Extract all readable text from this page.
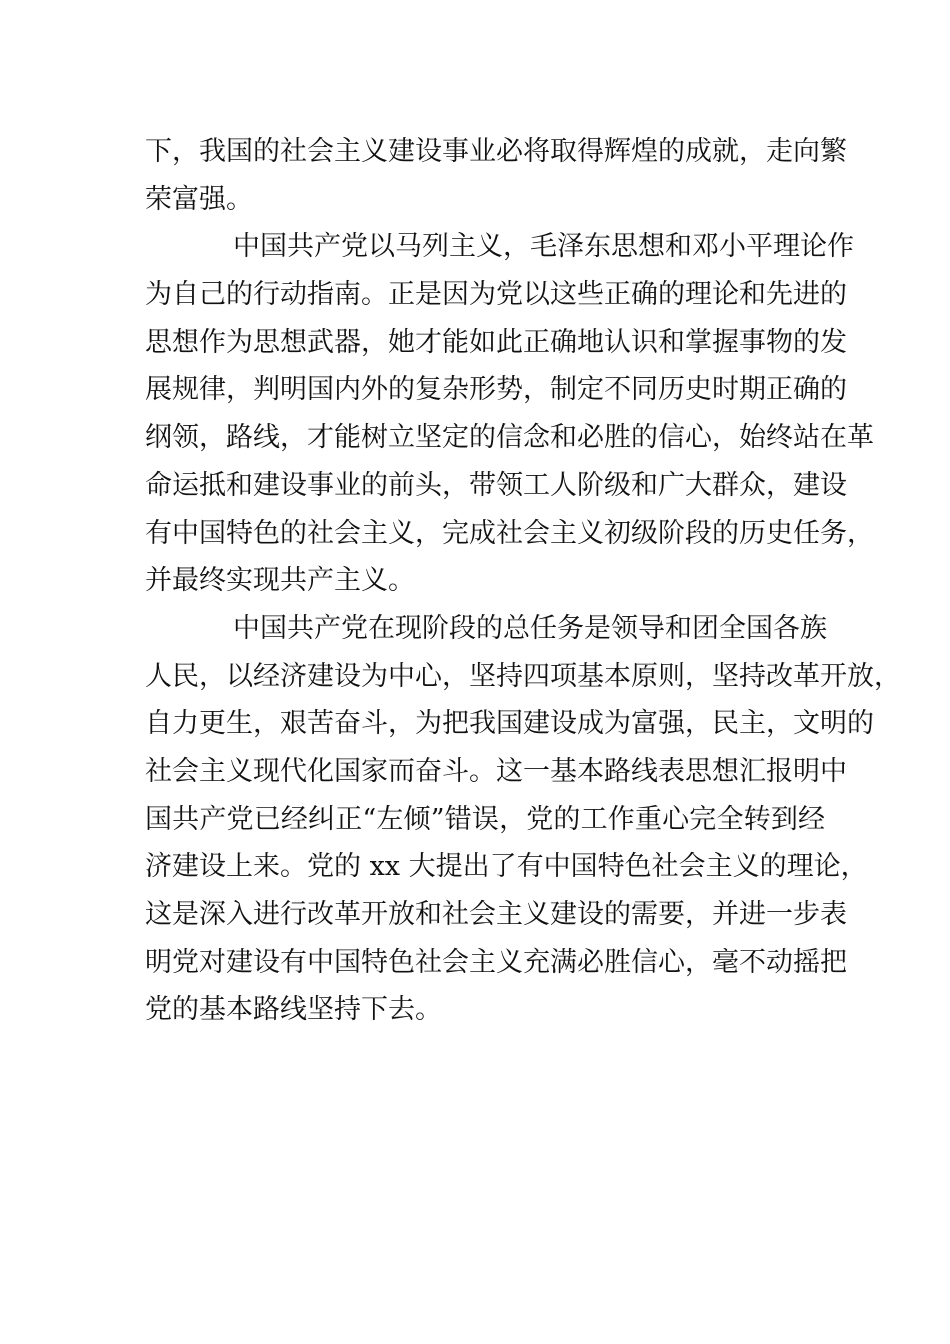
下，我国的社会主义建设事业必将取得辉煌的成就，走向繁
荣富强。
中国共产党以马列主义，毛泽东思想和邓小平理论作
为自己的行动指南。正是因为党以这些正确的理论和先进的
思想作为思想武器，她才能如此正确地认识和掌握事物的发
展规律，判明国内外的复杂形势，制定不同历史时期正确的
纲领，路线，才能树立坚定的信念和必胜的信心，始终站在革
命运抵和建设事业的前头，带领工人阶级和广大群众，建设
有中国特色的社会主义，完成社会主义初级阶段的历史任务，
并最终实现共产主义。
中国共产党在现阶段的总任务是领导和团全国各族
人民，以经济建设为中心，坚持四项基本原则，坚持改革开放，
自力更生，艰苦奋斗，为把我国建设成为富强，民主，文明的
社会主义现代化国家而奋斗。这一基本路线表思想汇报明中
国共产党已经纠正“左倾”错误，党的工作重心完全转到经
济建设上来。党的 xx 大提出了有中国特色社会主义的理论，
这是深入进行改革开放和社会主义建设的需要，并进一步表
明党对建设有中国特色社会主义充满必胜信心，毫不动摇把
党的基本路线坚持下去。
